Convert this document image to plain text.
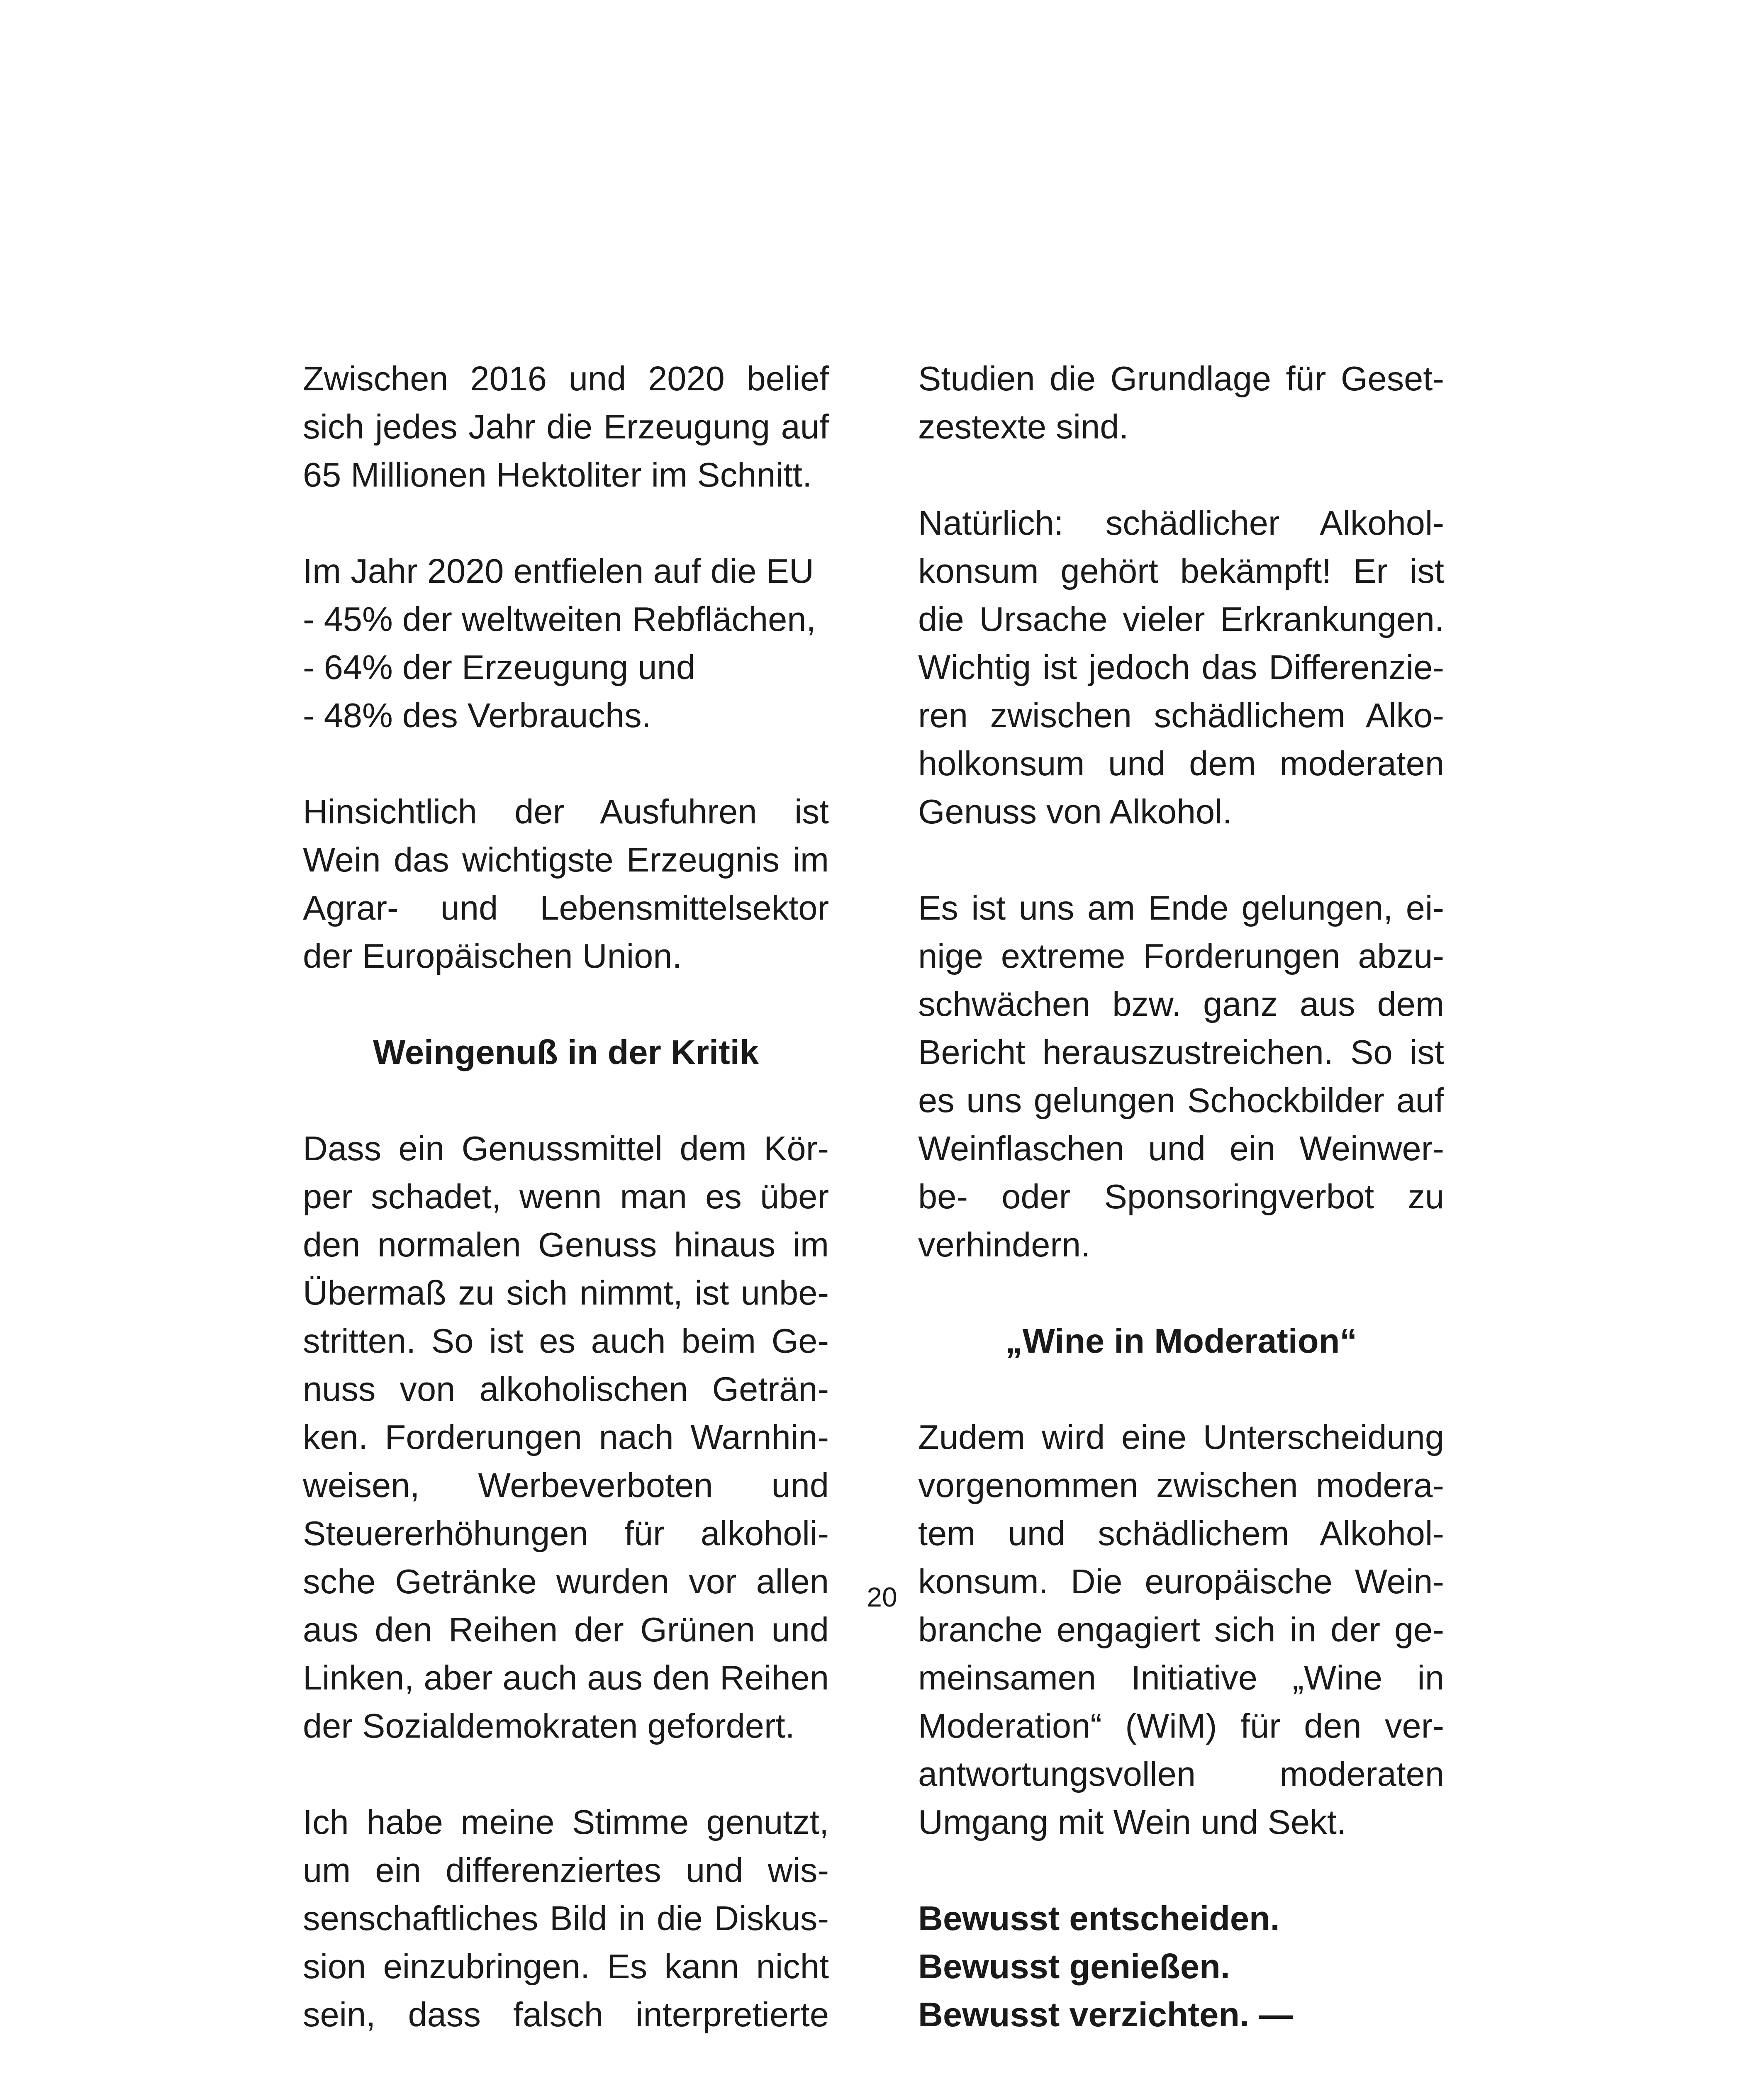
Zwischen 2016 und 2020 belief
sich jedes Jahr die Erzeugung auf
65 Millionen Hektoliter im Schnitt.
Im Jahr 2020 entfielen auf die EU
- 45% der weltweiten Rebflächen,
- 64% der Erzeugung und
- 48% des Verbrauchs.
Hinsichtlich der Ausfuhren ist
Wein das wichtigste Erzeugnis im
Agrar- und Lebensmittelsektor
der Europäischen Union.
Weingenuß in der Kritik
Dass ein Genussmittel dem Kör-
per schadet, wenn man es über
den normalen Genuss hinaus im
Übermaß zu sich nimmt, ist unbe-
stritten. So ist es auch beim Ge-
nuss von alkoholischen Geträn-
ken. Forderungen nach Warnhin-
weisen, Werbeverboten und
Steuererhöhungen für alkoholi-
sche Getränke wurden vor allen
aus den Reihen der Grünen und
Linken, aber auch aus den Reihen
der Sozialdemokraten gefordert.
Ich habe meine Stimme genutzt,
um ein differenziertes und wis-
senschaftliches Bild in die Diskus-
sion einzubringen. Es kann nicht
sein, dass falsch interpretierte
Studien die Grundlage für Geset-
zestexte sind.
Natürlich: schädlicher Alkohol-
konsum gehört bekämpft! Er ist
die Ursache vieler Erkrankungen.
Wichtig ist jedoch das Differenzie-
ren zwischen schädlichem Alko-
holkonsum und dem moderaten
Genuss von Alkohol.
Es ist uns am Ende gelungen, ei-
nige extreme Forderungen abzu-
schwächen bzw. ganz aus dem
Bericht herauszustreichen. So ist
es uns gelungen Schockbilder auf
Weinflaschen und ein Weinwer-
be- oder Sponsoringverbot zu
verhindern.
„Wine in Moderation“
Zudem wird eine Unterscheidung
vorgenommen zwischen modera-
tem und schädlichem Alkohol-
konsum. Die europäische Wein-
branche engagiert sich in der ge-
meinsamen Initiative „Wine in
Moderation“ (WiM) für den ver-
antwortungsvollen moderaten
Umgang mit Wein und Sekt.
Bewusst entscheiden.
Bewusst genießen.
Bewusst verzichten. —
20
